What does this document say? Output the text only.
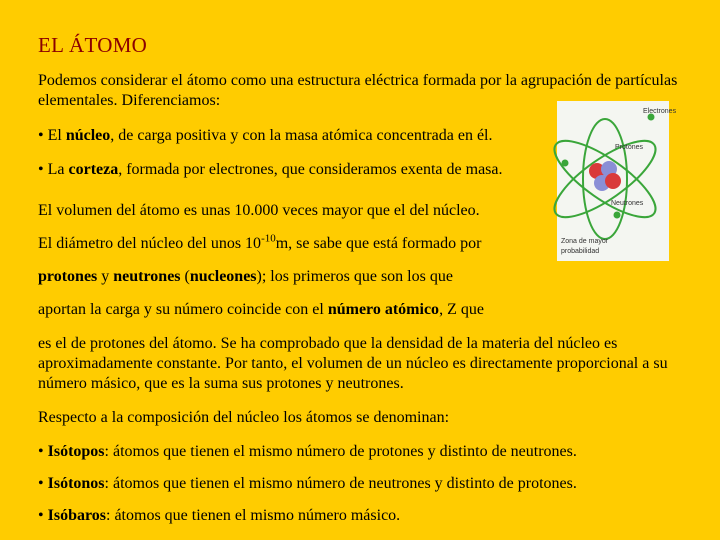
EL ÁTOMO
Podemos considerar el átomo como una estructura eléctrica formada por la agrupación de partículas elementales. Diferenciamos:
• El núcleo, de carga positiva y con la masa atómica concentrada en él.
• La corteza, formada por electrones, que consideramos exenta de masa.
El volumen del átomo es unas 10.000 veces mayor que el del núcleo.
El diámetro del núcleo del unos $10^{-10}m$, se sabe que está formado por
protones y neutrones (nucleones); los primeros que son los que
aportan la carga y su número coincide con el número atómico, Z que
es el de protones del átomo. Se ha comprobado que la densidad de la materia del núcleo es aproximadamente constante. Por tanto, el volumen de un núcleo es directamente proporcional a su número másico, que es la suma sus protones y neutrones.
Respecto a la composición del núcleo los átomos se denominan:
• Isótopos: átomos que tienen el mismo número de protones y distinto de neutrones.
• Isótonos: átomos que tienen el mismo número de neutrones y distinto de protones.
• Isóbaros: átomos que tienen el mismo número másico.
Electrones
Protones
Neutrones
Zona de mayor
probabilidad
